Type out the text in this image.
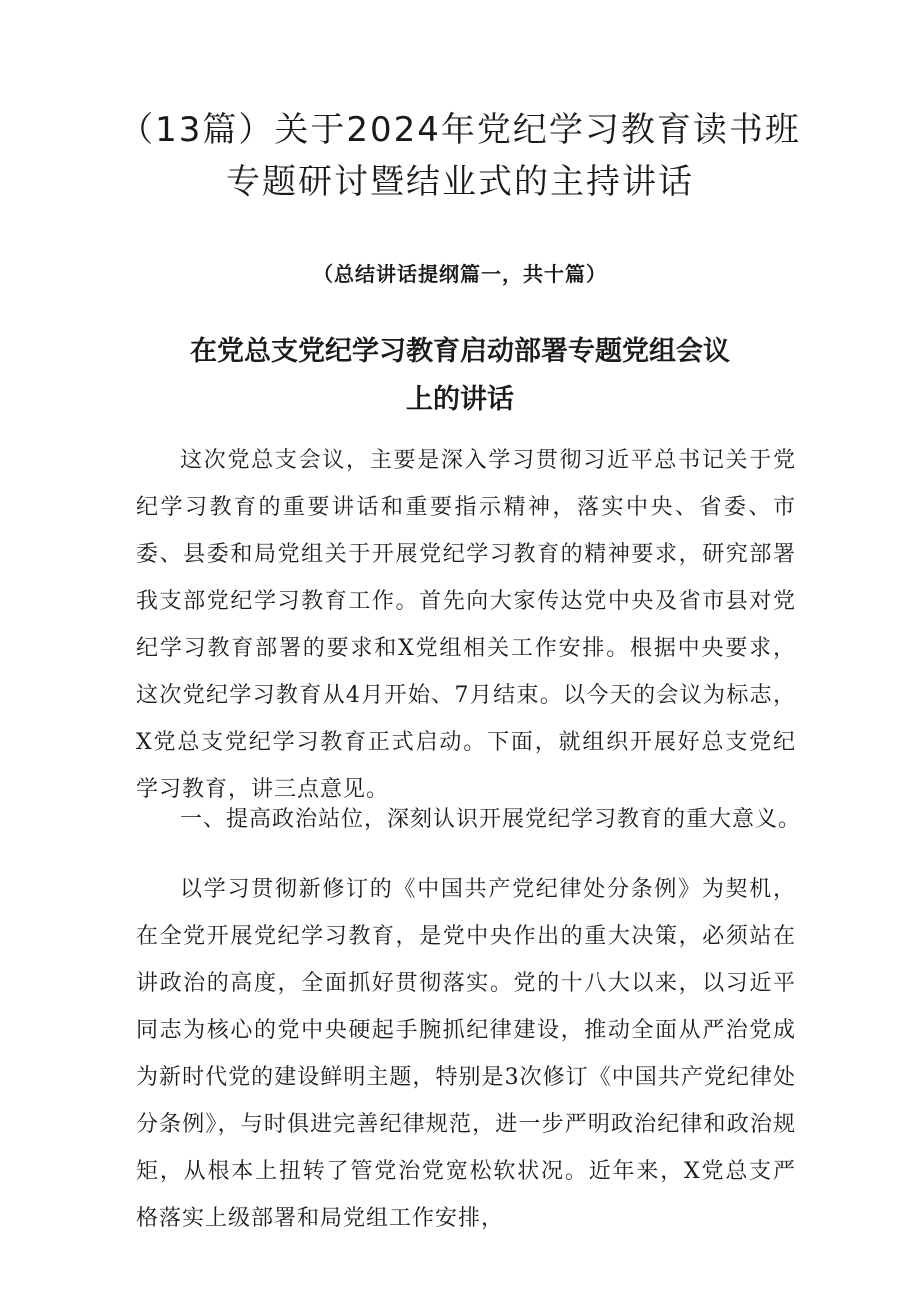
（13篇）关于2024年党纪学习教育读书班
专题研讨暨结业式的主持讲话
（总结讲话提纲篇一，共十篇）
在党总支党纪学习教育启动部署专题党组会议
上的讲话

这次党总支会议，主要是深入学习贯彻习近平总书记关于党纪学习教育的重要讲话和重要指示精神，落实中央、省委、市委、县委和局党组关于开展党纪学习教育的精神要求，研究部署我支部党纪学习教育工作。首先向大家传达党中央及省市县对党纪学习教育部署的要求和X党组相关工作安排。根据中央要求，这次党纪学习教育从4月开始、7月结束。以今天的会议为标志，X党总支党纪学习教育正式启动。下面，就组织开展好总支党纪学习教育，讲三点意见。

一、提高政治站位，深刻认识开展党纪学习教育的重大意义。

以学习贯彻新修订的《中国共产党纪律处分条例》为契机，在全党开展党纪学习教育，是党中央作出的重大决策，必须站在讲政治的高度，全面抓好贯彻落实。党的十八大以来，以习近平同志为核心的党中央硬起手腕抓纪律建设，推动全面从严治党成为新时代党的建设鲜明主题，特别是3次修订《中国共产党纪律处分条例》，与时俱进完善纪律规范，进一步严明政治纪律和政治规矩，从根本上扭转了管党治党宽松软状况。近年来，X党总支严格落实上级部署和局党组工作安排，
